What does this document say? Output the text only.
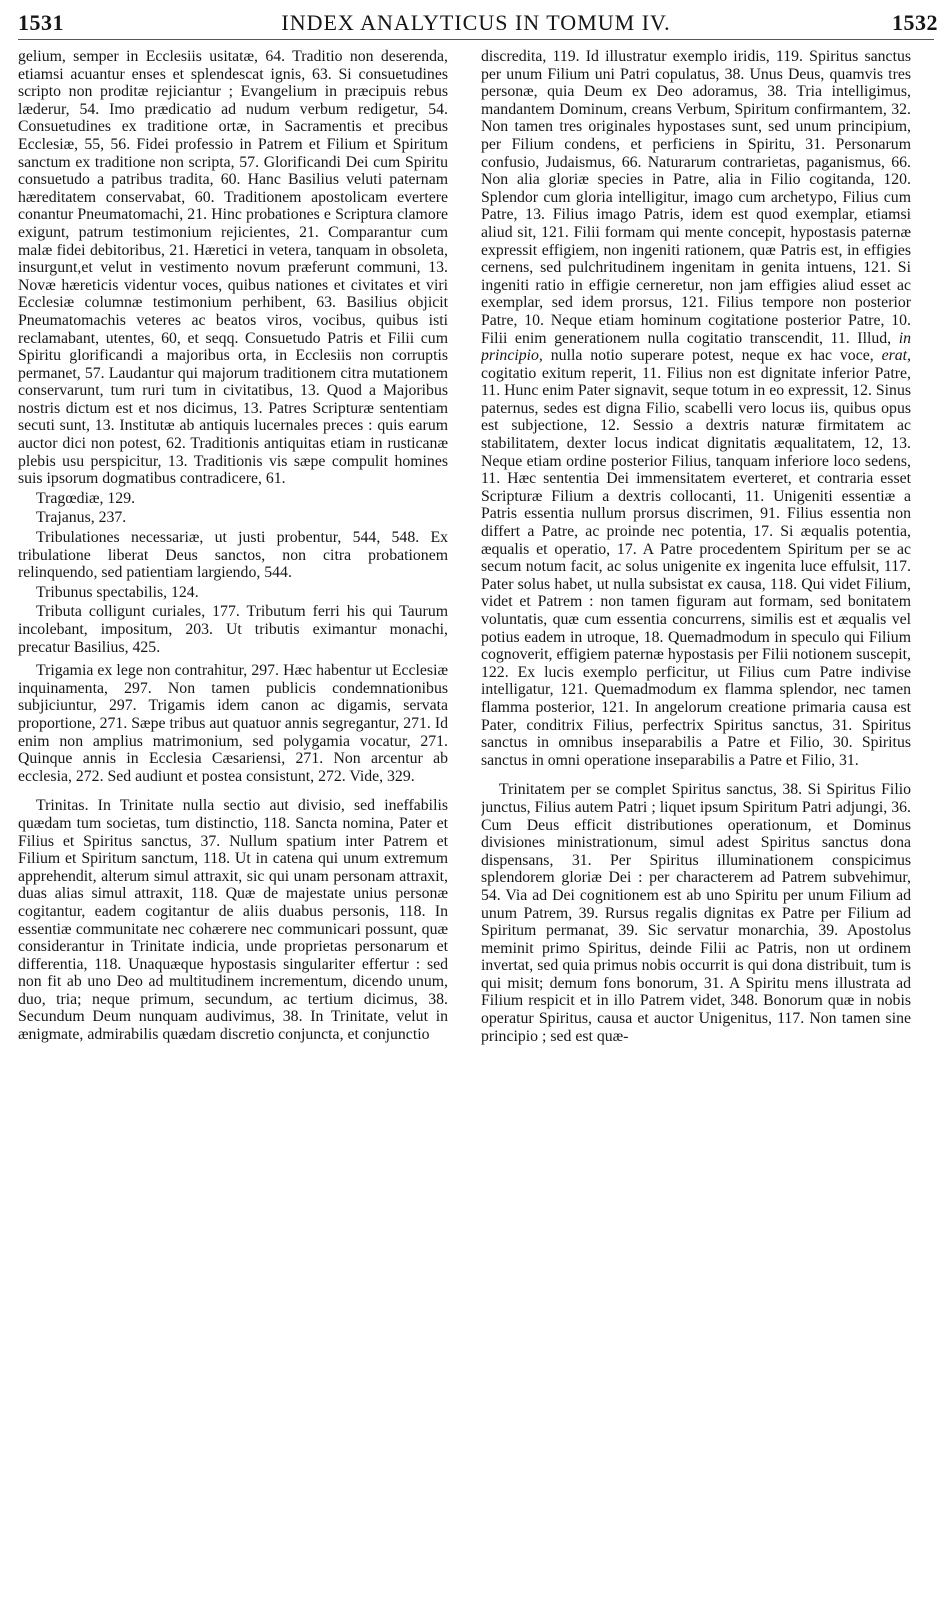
1531	INDEX ANALYTICUS IN TOMUM IV.	1532

gelium, semper in Ecclesiis usitatæ, 64. Traditio non deserenda, etiamsi acuantur enses et splendescat ignis, 63. Si consuetudines scripto non proditæ rejiciantur ; Evangelium in præcipuis rebus læderur, 54. Imo prædicatio ad nudum verbum redigetur, 54. Consuetudines ex traditione ortæ, in Sacramentis et precibus Ecclesiæ, 55, 56. Fidei professio in Patrem et Filium et Spiritum sanctum ex traditione non scripta, 57. Glorificandi Dei cum Spiritu consuetudo a patribus tradita, 60. Hanc Basilius veluti paternam hæreditatem conservabat, 60. Traditionem apostolicam evertere conantur Pneumatomachi, 21. Hinc probationes e Scriptura clamore exigunt, patrum testimonium rejicientes, 21. Comparantur cum malæ fidei debitoribus, 21. Hæretici in vetera, tanquam in obsoleta, insurgunt,et velut in vestimento novum præferunt communi, 13. Novæ hæreticis videntur voces, quibus nationes et civitates et viri Ecclesiæ columnæ testimonium perhibent, 63. Basilius objicit Pneumatomachis veteres ac beatos viros, vocibus, quibus isti reclamabant, utentes, 60, et seqq. Consuetudo Patris et Filii cum Spiritu glorificandi a majoribus orta, in Ecclesiis non corruptis permanet, 57. Laudantur qui majorum traditionem citra mutationem conservarunt, tum ruri tum in civitatibus, 13. Quod a Majoribus nostris dictum est et nos dicimus, 13. Patres Scripturæ sententiam secuti sunt, 13. Institutæ ab antiquis lucernales preces : quis earum auctor dici non potest, 62. Traditionis antiquitas etiam in rusticanæ plebis usu perspicitur, 13. Traditionis vis sæpe compulit homines suis ipsorum dogmatibus contradicere, 61.

Tragœdiæ, 129.

Trajanus, 237.

Tribulationes necessariæ, ut justi probentur, 544, 548. Ex tribulatione liberat Deus sanctos, non citra probationem relinquendo, sed patientiam largiendo, 544.

Tribunus spectabilis, 124.

Tributa colligunt curiales, 177. Tributum ferri his qui Taurum incolebant, impositum, 203. Ut tributis eximantur monachi, precatur Basilius, 425.

Trigamia ex lege non contrahitur, 297. Hæc habentur ut Ecclesiæ inquinamenta, 297. Non tamen publicis condemnationibus subjiciuntur, 297. Trigamis idem canon ac digamis, servata proportione, 271. Sæpe tribus aut quatuor annis segregantur, 271. Id enim non amplius matrimonium, sed polygamia vocatur, 271. Quinque annis in Ecclesia Cæsariensi, 271. Non arcentur ab ecclesia, 272. Sed audiunt et postea consistunt, 272. Vide, 329.

Trinitas. In Trinitate nulla sectio aut divisio, sed ineffabilis quædam tum societas, tum distinctio, 118. Sancta nomina, Pater et Filius et Spiritus sanctus, 37. Nullum spatium inter Patrem et Filium et Spiritum sanctum, 118. Ut in catena qui unum extremum apprehendit, alterum simul attraxit, sic qui unam personam attraxit, duas alias simul attraxit, 118. Quæ de majestate unius personæ cogitantur, eadem cogitantur de aliis duabus personis, 118. In essentiæ communitate nec cohærere nec communicari possunt, quæ considerantur in Trinitate indicia, unde proprietas personarum et differentia, 118. Unaquæque hypostasis singulariter effertur : sed non fit ab uno Deo ad multitudinem incrementum, dicendo unum, duo, tria; neque primum, secundum, ac tertium dicimus, 38. Secundum Deum nunquam audivimus, 38. In Trinitate, velut in ænigmate, admirabilis quædam discretio conjuncta, et conjunctio

discredita, 119. Id illustratur exemplo iridis, 119. Spiritus sanctus per unum Filium uni Patri copulatus, 38. Unus Deus, quamvis tres personæ, quia Deum ex Deo adoramus, 38. Tria intelligimus, mandantem Dominum, creans Verbum, Spiritum confirmantem, 32. Non tamen tres originales hypostases sunt, sed unum principium, per Filium condens, et perficiens in Spiritu, 31. Personarum confusio, Judaismus, 66. Naturarum contrarietas, paganismus, 66. Non alia gloriæ species in Patre, alia in Filio cogitanda, 120. Splendor cum gloria intelligitur, imago cum archetypo, Filius cum Patre, 13. Filius imago Patris, idem est quod exemplar, etiamsi aliud sit, 121. Filii formam qui mente concepit, hypostasis paternæ expressit effigiem, non ingeniti rationem, quæ Patris est, in effigies cernens, sed pulchritudinem ingenitam in genita intuens, 121. Si ingeniti ratio in effigie cerneretur, non jam effigies aliud esset ac exemplar, sed idem prorsus, 121. Filius tempore non posterior Patre, 10. Neque etiam hominum cogitatione posterior Patre, 10. Filii enim generationem nulla cogitatio transcendit, 11. Illud, in principio, nulla notio superare potest, neque ex hac voce, erat, cogitatio exitum reperit, 11. Filius non est dignitate inferior Patre, 11. Hunc enim Pater signavit, seque totum in eo expressit, 12. Sinus paternus, sedes est digna Filio, scabelli vero locus iis, quibus opus est subjectione, 12. Sessio a dextris naturæ firmitatem ac stabilitatem, dexter locus indicat dignitatis æqualitatem, 12, 13. Neque etiam ordine posterior Filius, tanquam inferiore loco sedens, 11. Hæc sententia Dei immensitatem everteret, et contraria esset Scripturæ Filium a dextris collocanti, 11. Unigeniti essentiæ a Patris essentia nullum prorsus discrimen, 91. Filius essentia non differt a Patre, ac proinde nec potentia, 17. Si æqualis potentia, æqualis et operatio, 17. A Patre procedentem Spiritum per se ac secum notum facit, ac solus unigenite ex ingenita luce effulsit, 117. Pater solus habet, ut nulla subsistat ex causa, 118. Qui videt Filium, videt et Patrem : non tamen figuram aut formam, sed bonitatem voluntatis, quæ cum essentia concurrens, similis est et æqualis vel potius eadem in utroque, 18. Quemadmodum in speculo qui Filium cognoverit, effigiem paternæ hypostasis per Filii notionem suscepit, 122. Ex lucis exemplo perficitur, ut Filius cum Patre indivise intelligatur, 121. Quemadmodum ex flamma splendor, nec tamen flamma posterior, 121. In angelorum creatione primaria causa est Pater, conditrix Filius, perfectrix Spiritus sanctus, 31. Spiritus sanctus in omnibus inseparabilis a Patre et Filio, 30. Spiritus sanctus in omni operatione inseparabilis a Patre et Filio, 31.

Trinitatem per se complet Spiritus sanctus, 38. Si Spiritus Filio junctus, Filius autem Patri ; liquet ipsum Spiritum Patri adjungi, 36. Cum Deus efficit distributiones operationum, et Dominus divisiones ministrationum, simul adest Spiritus sanctus dona dispensans, 31. Per Spiritus illuminationem conspicimus splendorem gloriæ Dei : per characterem ad Patrem subvehimur, 54. Via ad Dei cognitionem est ab uno Spiritu per unum Filium ad unum Patrem, 39. Rursus regalis dignitas ex Patre per Filium ad Spiritum permanat, 39. Sic servatur monarchia, 39. Apostolus meminit primo Spiritus, deinde Filii ac Patris, non ut ordinem invertat, sed quia primus nobis occurrit is qui dona distribuit, tum is qui misit; demum fons bonorum, 31. A Spiritu mens illustrata ad Filium respicit et in illo Patrem videt, 348. Bonorum quæ in nobis operatur Spiritus, causa et auctor Unigenitus, 117. Non tamen sine principio ; sed est quæ-
